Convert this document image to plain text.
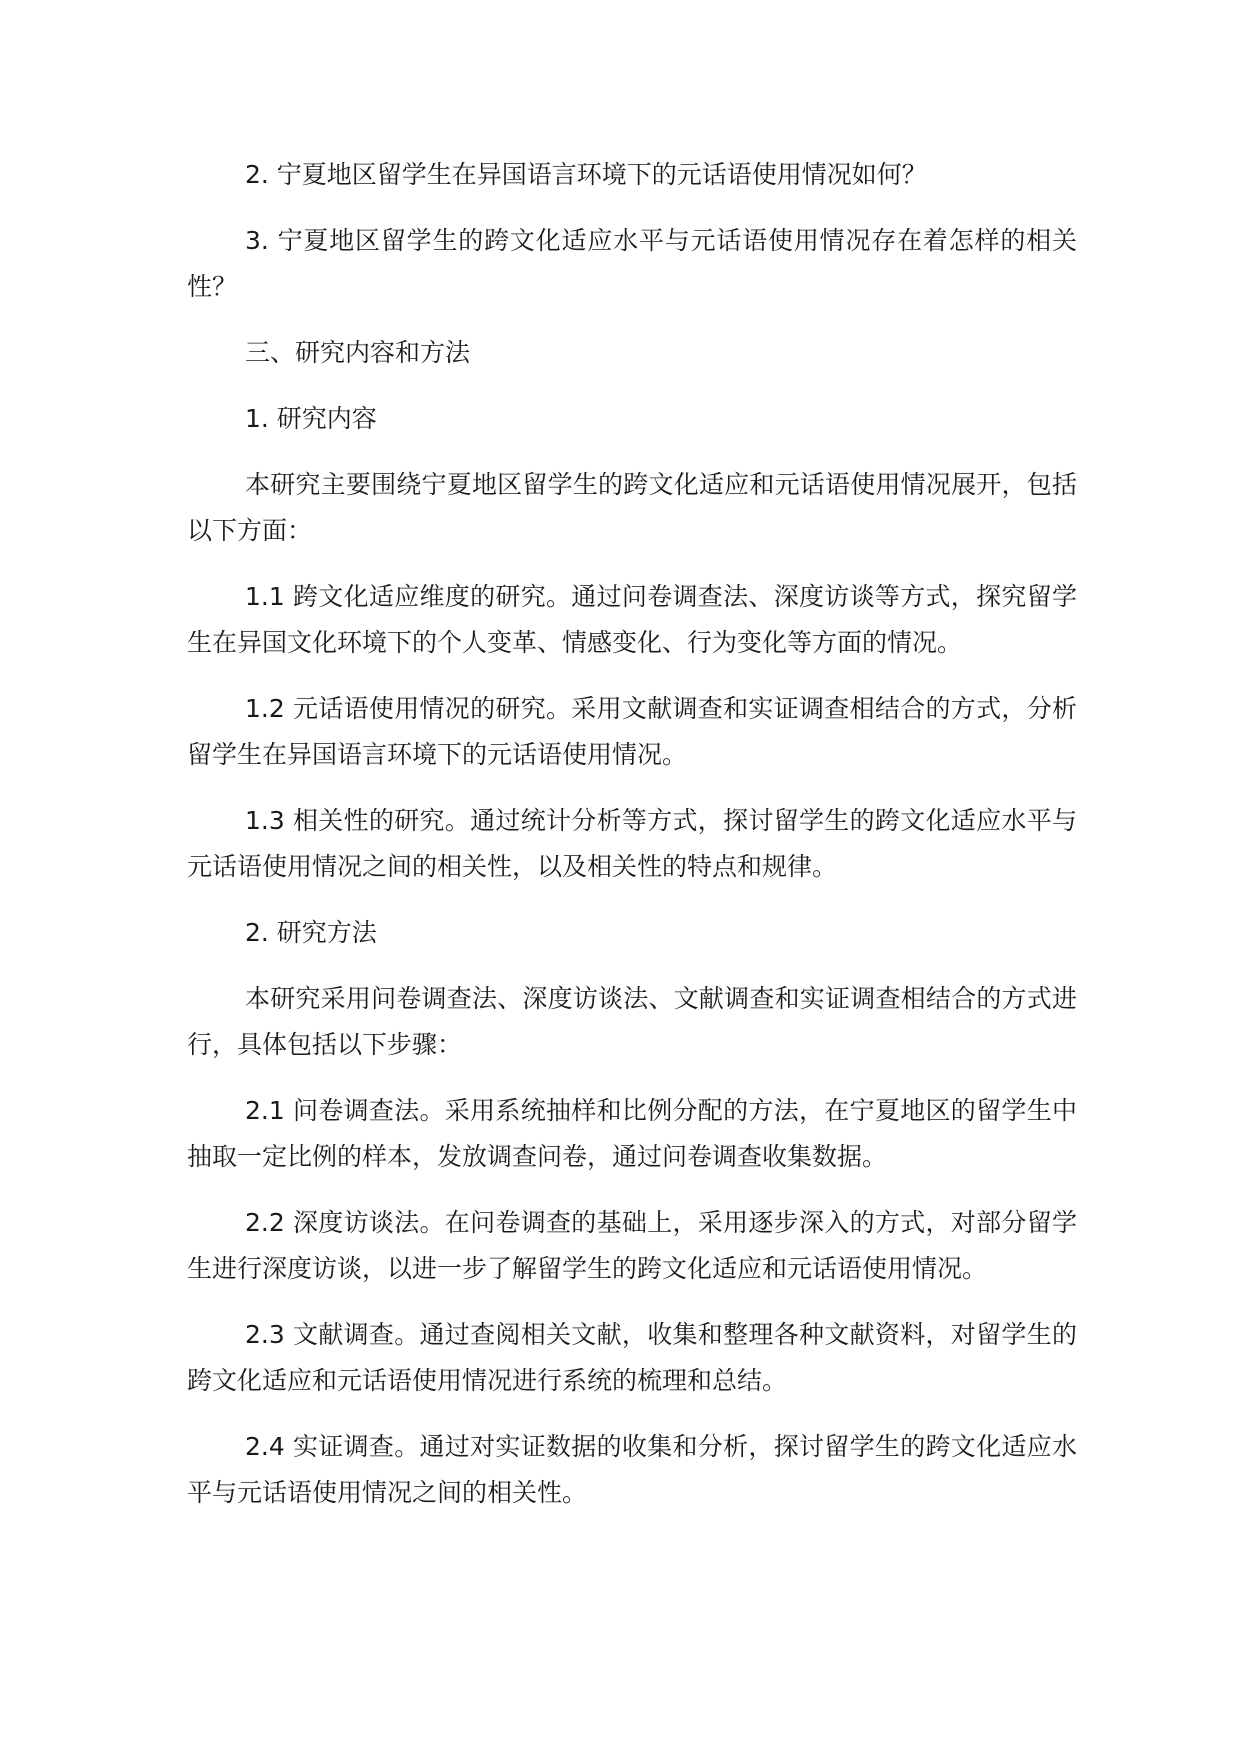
2. 宁夏地区留学生在异国语言环境下的元话语使用情况如何？

3. 宁夏地区留学生的跨文化适应水平与元话语使用情况存在着怎样的相关性？

三、研究内容和方法

1. 研究内容

本研究主要围绕宁夏地区留学生的跨文化适应和元话语使用情况展开，包括以下方面：

1.1 跨文化适应维度的研究。通过问卷调查法、深度访谈等方式，探究留学生在异国文化环境下的个人变革、情感变化、行为变化等方面的情况。

1.2 元话语使用情况的研究。采用文献调查和实证调查相结合的方式，分析留学生在异国语言环境下的元话语使用情况。

1.3 相关性的研究。通过统计分析等方式，探讨留学生的跨文化适应水平与元话语使用情况之间的相关性，以及相关性的特点和规律。

2. 研究方法

本研究采用问卷调查法、深度访谈法、文献调查和实证调查相结合的方式进行，具体包括以下步骤：

2.1 问卷调查法。采用系统抽样和比例分配的方法，在宁夏地区的留学生中抽取一定比例的样本，发放调查问卷，通过问卷调查收集数据。

2.2 深度访谈法。在问卷调查的基础上，采用逐步深入的方式，对部分留学生进行深度访谈，以进一步了解留学生的跨文化适应和元话语使用情况。

2.3 文献调查。通过查阅相关文献，收集和整理各种文献资料，对留学生的跨文化适应和元话语使用情况进行系统的梳理和总结。

2.4 实证调查。通过对实证数据的收集和分析，探讨留学生的跨文化适应水平与元话语使用情况之间的相关性。
